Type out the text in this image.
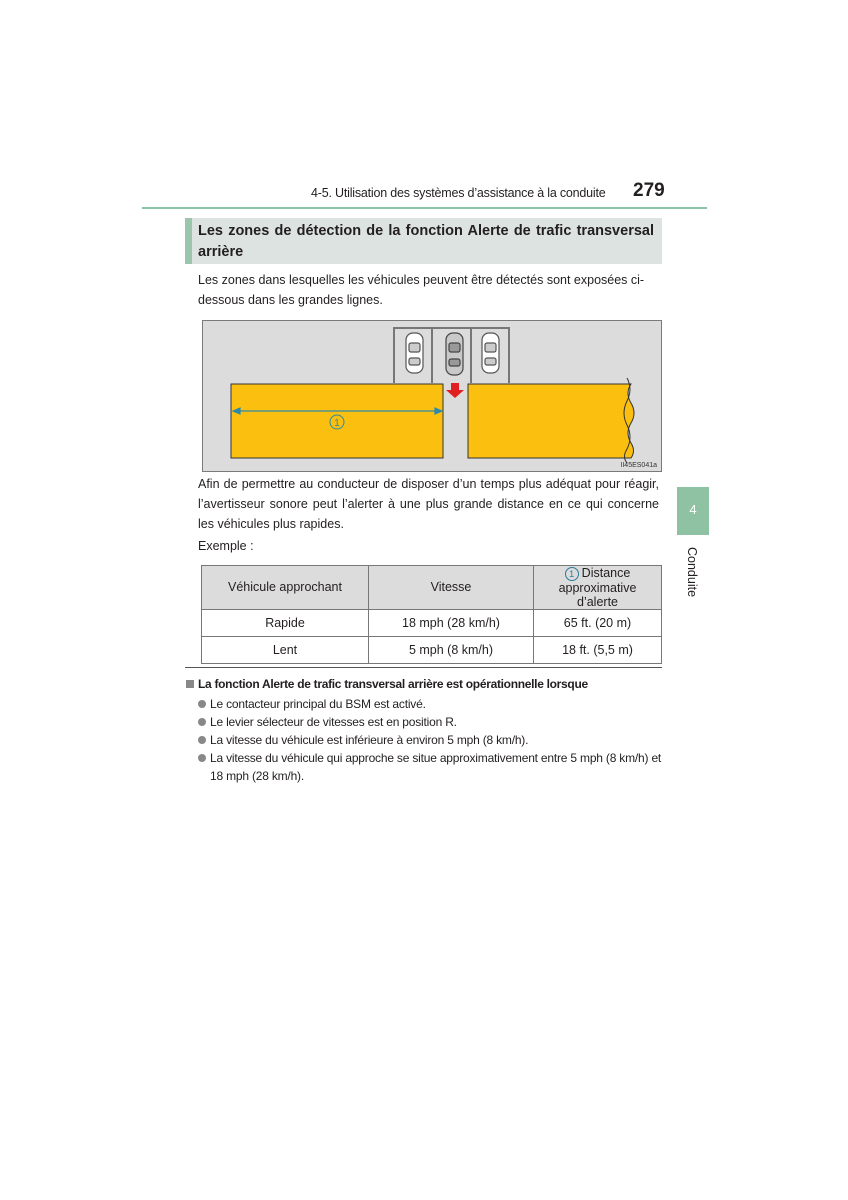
4-5. Utilisation des systèmes d’assistance à la conduite 279
Les zones de détection de la fonction Alerte de trafic transversal arrière
Les zones dans lesquelles les véhicules peuvent être détectés sont exposées ci-dessous dans les grandes lignes.
1
II45ES041a
Afin de permettre au conducteur de disposer d’un temps plus adéquat pour réagir, l’avertisseur sonore peut l’alerter à une plus grande distance en ce qui concerne les véhicules plus rapides.
Exemple :
Véhicule approchant	Vitesse	1 Distance approximative d’alerte
Rapide	18 mph (28 km/h)	65 ft. (20 m)
Lent	5 mph (8 km/h)	18 ft. (5,5 m)
La fonction Alerte de trafic transversal arrière est opérationnelle lorsque
Le contacteur principal du BSM est activé.
Le levier sélecteur de vitesses est en position R.
La vitesse du véhicule est inférieure à environ 5 mph (8 km/h).
La vitesse du véhicule qui approche se situe approximativement entre 5 mph (8 km/h) et 18 mph (28 km/h).
4
Conduite
